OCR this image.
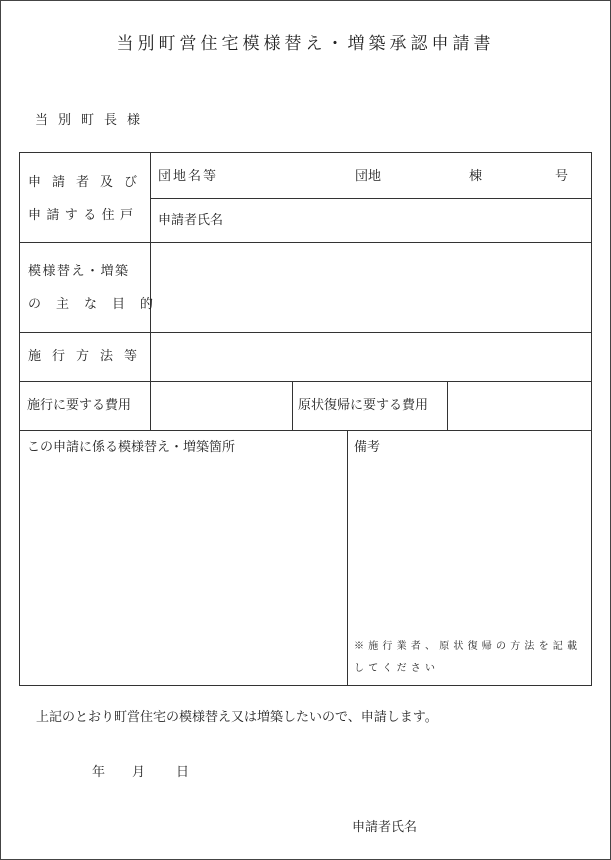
当別町営住宅模様替え・増築承認申請書
当別町長様
申請者及び
申請する住戸
団地名等	団地	棟	号
申請者氏名
模様替え・増築
の主な目的
施行方法等
施行に要する費用	原状復帰に要する費用
この申請に係る模様替え・増築箇所	備考
※施行業者、原状復帰の方法を記載
してください
上記のとおり町営住宅の模様替え又は増築したいので、申請します。
年 月 日
申請者氏名
